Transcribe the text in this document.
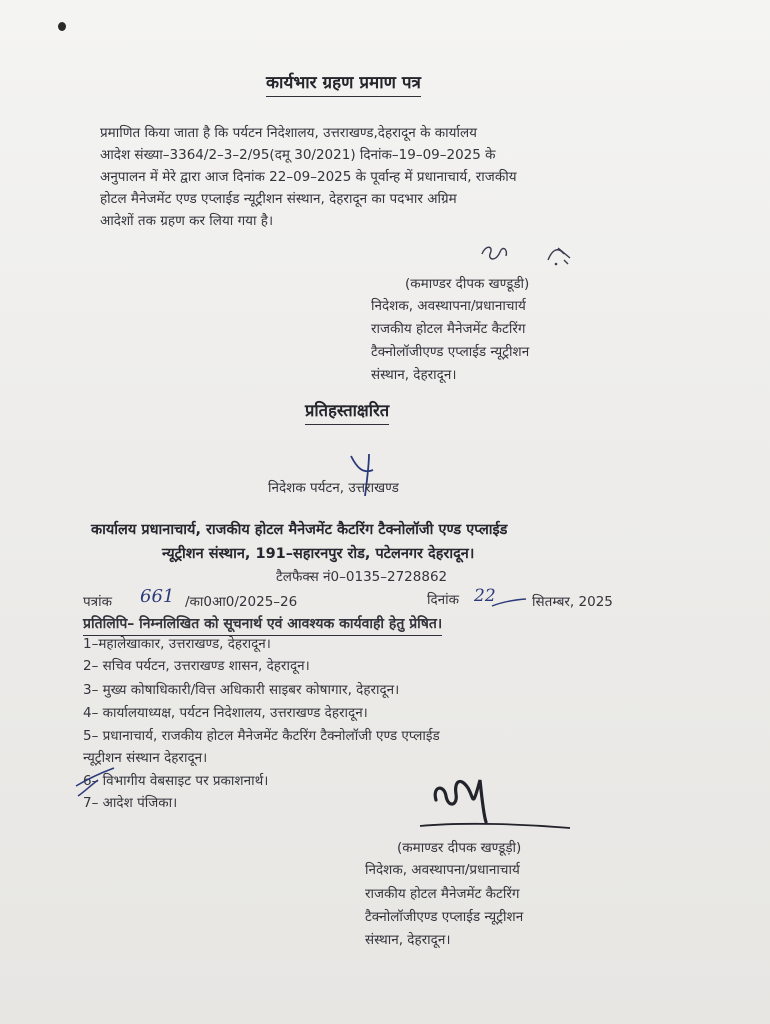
कार्यभार ग्रहण प्रमाण पत्र
प्रमाणित किया जाता है कि पर्यटन निदेशालय, उत्तराखण्ड,देहरादून के कार्यालय
आदेश संख्या–3364/2–3–2/95(दमू 30/2021) दिनांक–19–09–2025 के
अनुपालन में मेरे द्वारा आज दिनांक 22–09–2025 के पूर्वान्ह में प्रधानाचार्य, राजकीय
होटल मैनेजमेंट एण्ड एप्लाईड न्यूट्रीशन संस्थान, देहरादून का पदभार अग्रिम
आदेशों तक ग्रहण कर लिया गया है।
(कमाण्डर दीपक खण्डूडी)
निदेशक, अवस्थापना/प्रधानाचार्य
राजकीय होटल मैनेजमेंट कैटरिंग
टैक्नोलॉजीएण्ड एप्लाईड न्यूट्रीशन
संस्थान, देहरादून।
प्रतिहस्ताक्षरित
निदेशक पर्यटन, उत्तराखण्ड
कार्यालय प्रधानाचार्य, राजकीय होटल मैनेजमेंट कैटरिंग टैक्नोलॉजी एण्ड एप्लाईड
न्यूट्रीशन संस्थान, 191–सहारनपुर रोड, पटेलनगर देहरादून।
टैलफैक्स नं0–0135–2728862
पत्रांक 661 /का0आ0/2025–26	दिनांक 22	सितम्बर, 2025
प्रतिलिपि– निम्नलिखित को सूचनार्थ एवं आवश्यक कार्यवाही हेतु प्रेषित।
1–महालेखाकार, उत्तराखण्ड, देहरादून।
2– सचिव पर्यटन, उत्तराखण्ड शासन, देहरादून।
3– मुख्य कोषाधिकारी/वित्त अधिकारी साइबर कोषागार, देहरादून।
4– कार्यालयाध्यक्ष, पर्यटन निदेशालय, उत्तराखण्ड देहरादून।
5– प्रधानाचार्य, राजकीय होटल मैनेजमेंट कैटरिंग टैक्नोलॉजी एण्ड एप्लाईड
न्यूट्रीशन संस्थान देहरादून।
6– विभागीय वेबसाइट पर प्रकाशनार्थ।
7– आदेश पंजिका।
(कमाण्डर दीपक खण्डूड़ी)
निदेशक, अवस्थापना/प्रधानाचार्य
राजकीय होटल मैनेजमेंट कैटरिंग
टैक्नोलॉजीएण्ड एप्लाईड न्यूट्रीशन
संस्थान, देहरादून।
